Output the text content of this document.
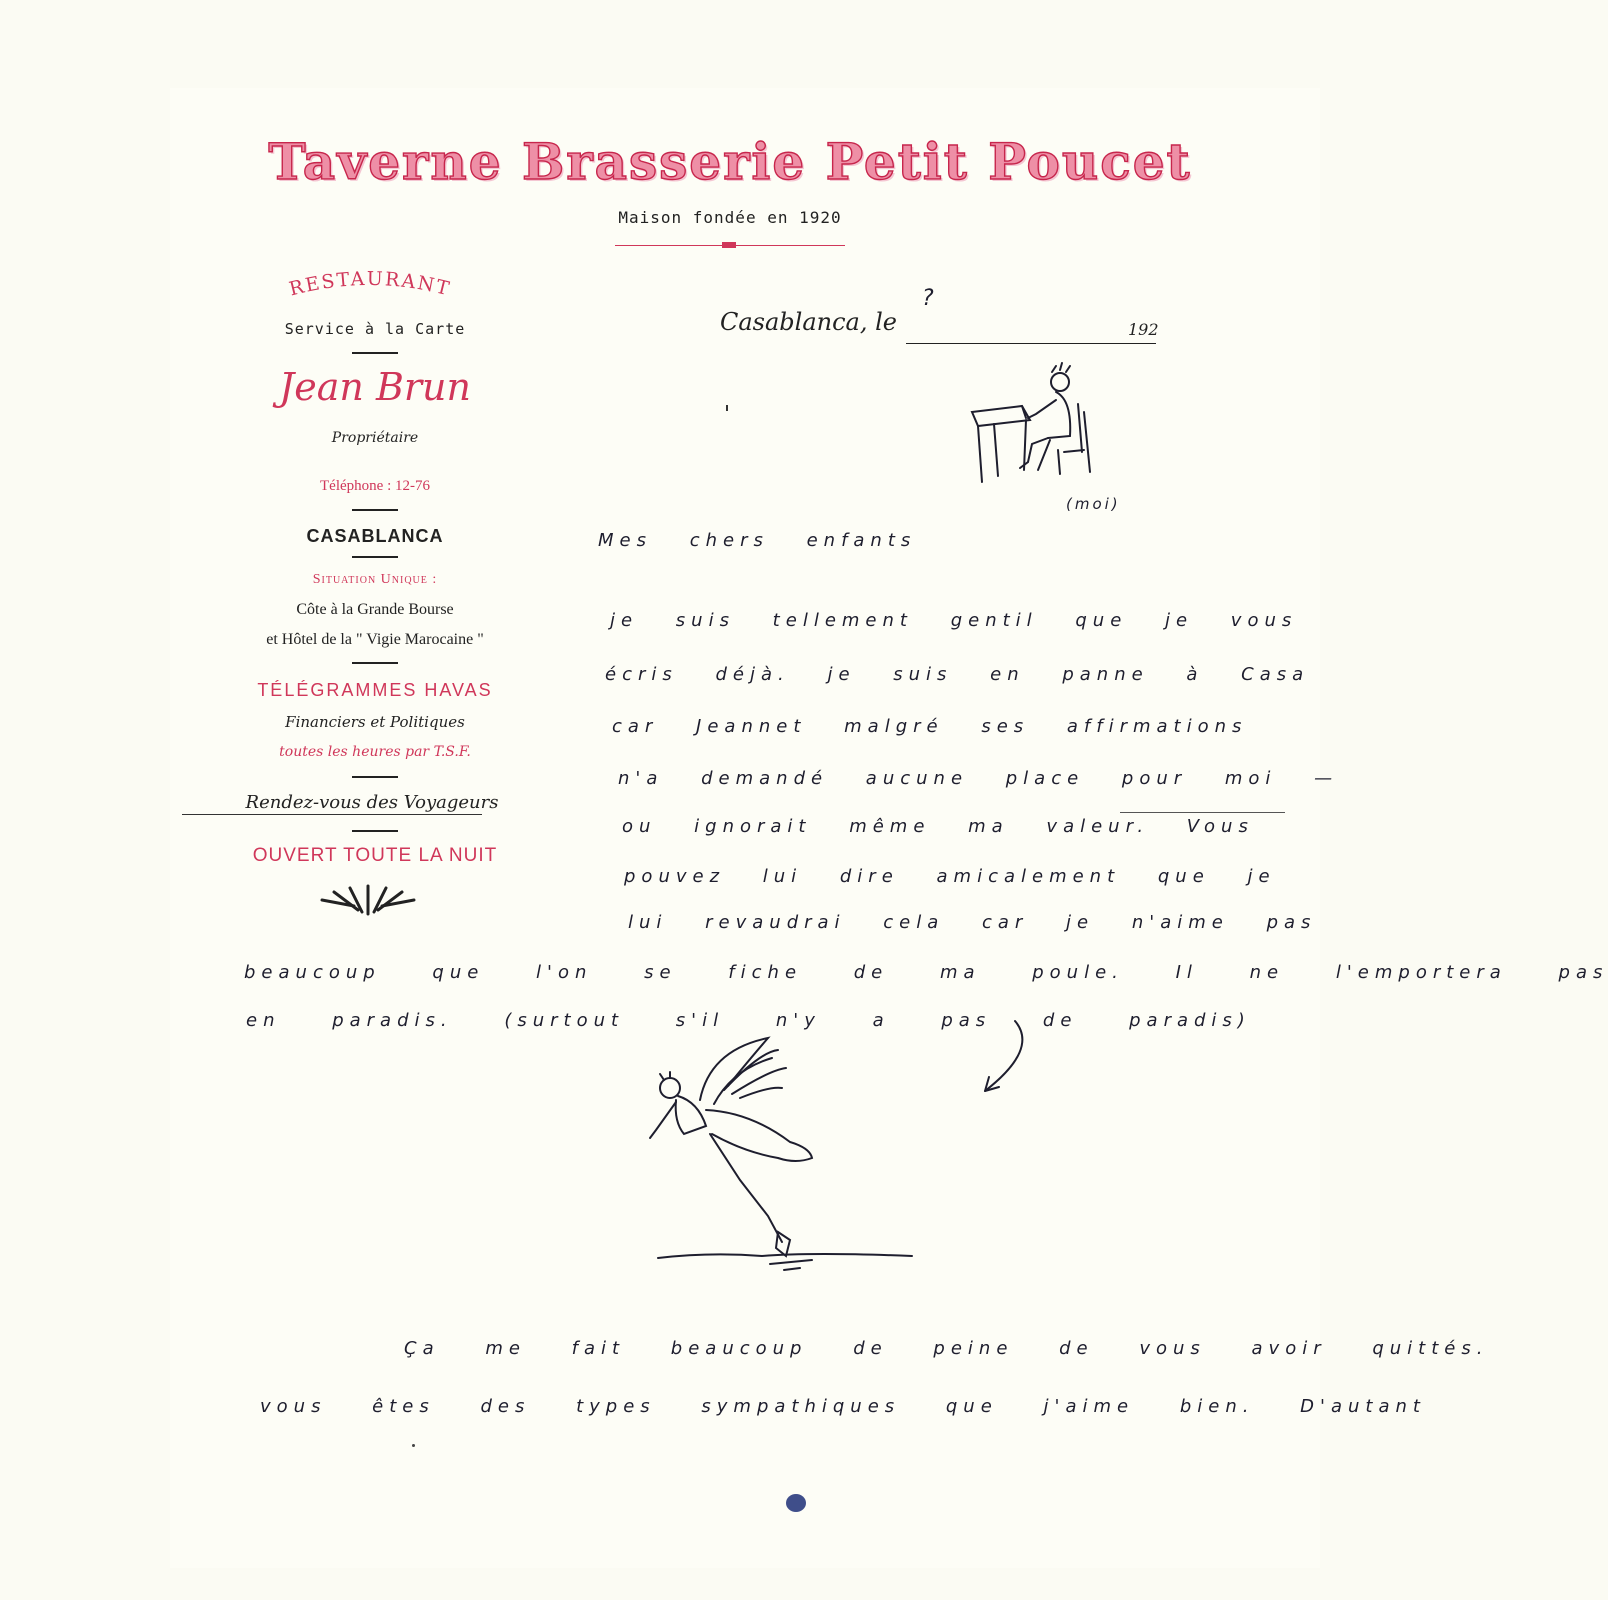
Taverne Brasserie Petit Poucet
Maison fondée en 1920
RESTAURANT
Service à la Carte
Jean Brun
Propriétaire
Téléphone : 12-76
CASABLANCA
Situation Unique :
Côte à la Grande Bourse
et Hôtel de la " Vigie Marocaine "
TÉLÉGRAMMES HAVAS
Financiers et Politiques
toutes les heures par T.S.F.
Rendez-vous des Voyageurs
OUVERT TOUTE LA NUIT
Casablanca, le
?
192
(moi)
Mes chers enfants
je suis tellement gentil que je vous
écris déjà. je suis en panne à Casa
car Jeannet malgré ses affirmations
n'a demandé aucune place pour moi —
ou ignorait même ma valeur. Vous
pouvez lui dire amicalement que je
lui revaudrai cela car je n'aime pas
beaucoup que l'on se fiche de ma poule. Il ne l'emportera pas
en paradis. (surtout s'il n'y a pas de paradis)
Ça me fait beaucoup de peine de vous avoir quittés.
vous êtes des types sympathiques que j'aime bien. D'autant
